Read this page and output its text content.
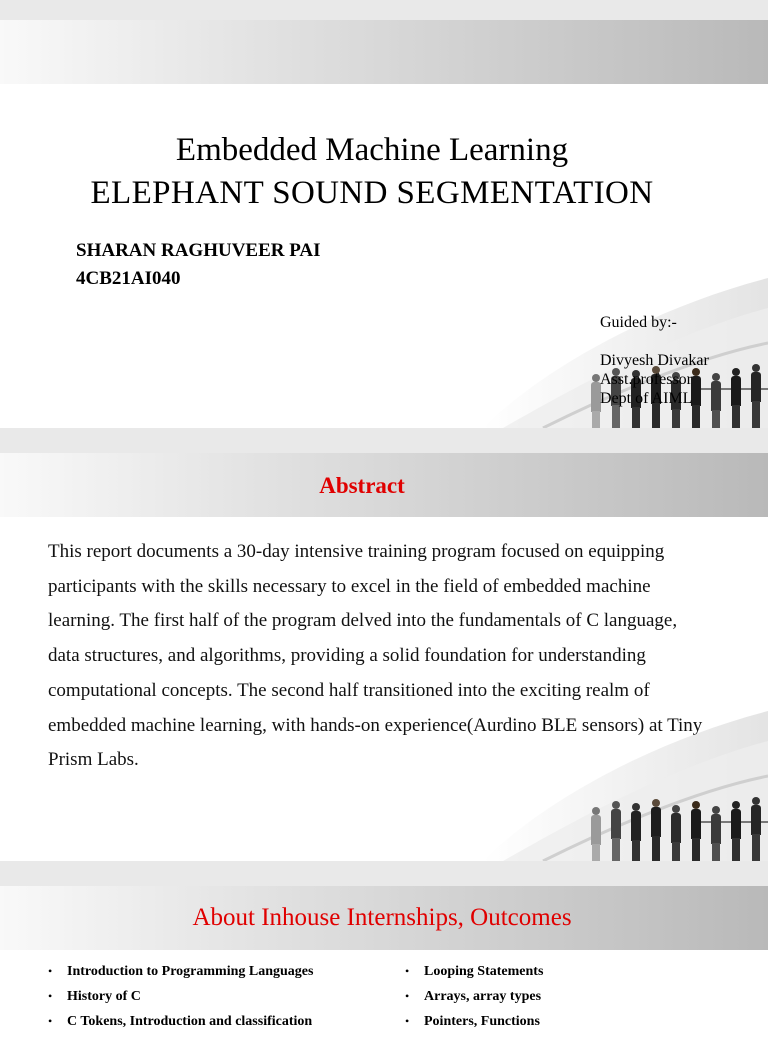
Embedded Machine Learning
ELEPHANT SOUND SEGMENTATION
SHARAN RAGHUVEER PAI
4CB21AI040
Guided by:-
Divyesh Divakar
Asst.professor
Dept of AIML
Abstract
This report documents a 30-day intensive training program focused on equipping participants with the skills necessary to excel in the field of embedded machine learning. The first half of the program delved into the fundamentals of C language, data structures, and algorithms, providing a solid foundation for understanding computational concepts. The second half transitioned into the exciting realm of embedded machine learning, with hands-on experience(Aurdino BLE sensors) at Tiny Prism Labs.
About Inhouse Internships, Outcomes
• Introduction to Programming Languages
• History of C
• C Tokens, Introduction and classification
• Looping Statements
• Arrays, array types
• Pointers, Functions
